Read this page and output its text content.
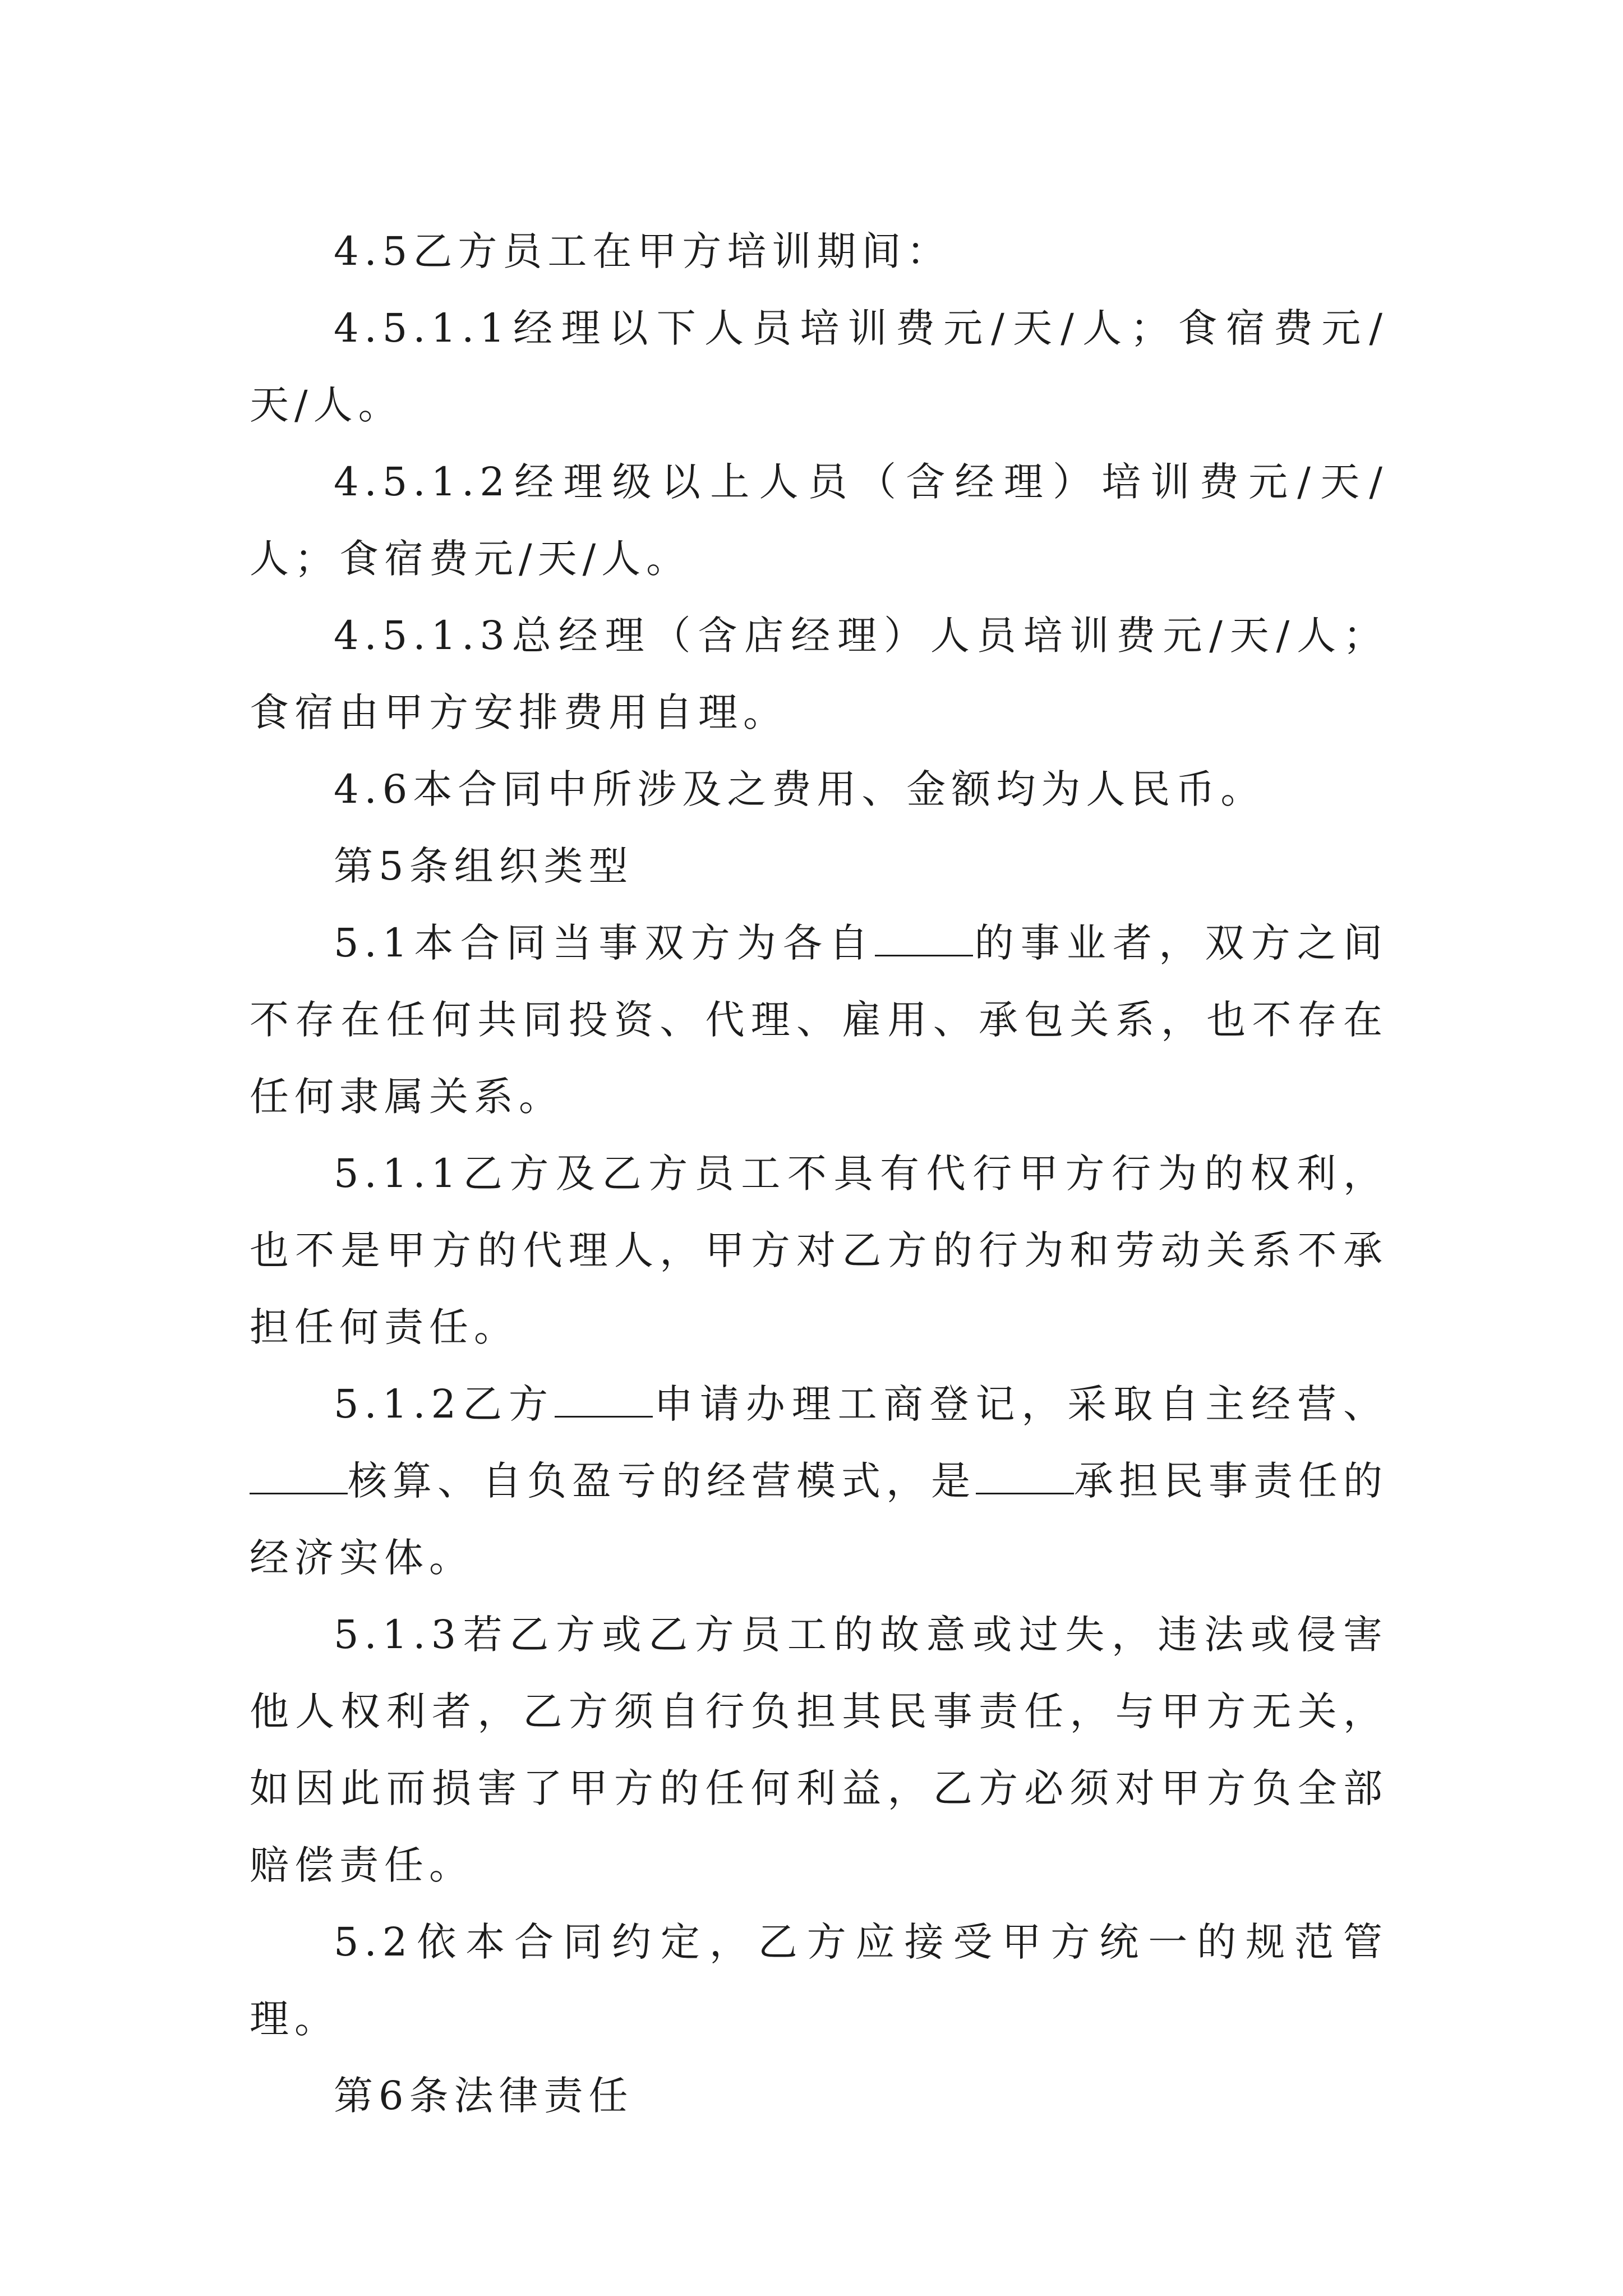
4.5乙方员工在甲方培训期间：

4.5.1.1经理以下人员培训费元/天/人；食宿费元/天/人。

4.5.1.2经理级以上人员（含经理）培训费元/天/人；食宿费元/天/人。

4.5.1.3总经理（含店经理）人员培训费元/天/人；食宿由甲方安排费用自理。

4.6本合同中所涉及之费用、金额均为人民币。

第5条组织类型

5.1本合同当事双方为各自	的事业者，双方之间不存在任何共同投资、代理、雇用、承包关系，也不存在任何隶属关系。

5.1.1乙方及乙方员工不具有代行甲方行为的权利，也不是甲方的代理人，甲方对乙方的行为和劳动关系不承担任何责任。

5.1.2乙方	申请办理工商登记，采取自主经营、核算、自负盈亏的经营模式，是	承担民事责任的经济实体。

5.1.3若乙方或乙方员工的故意或过失，违法或侵害他人权利者，乙方须自行负担其民事责任，与甲方无关，如因此而损害了甲方的任何利益，乙方必须对甲方负全部赔偿责任。

5.2依本合同约定，乙方应接受甲方统一的规范管理。

第6条法律责任
